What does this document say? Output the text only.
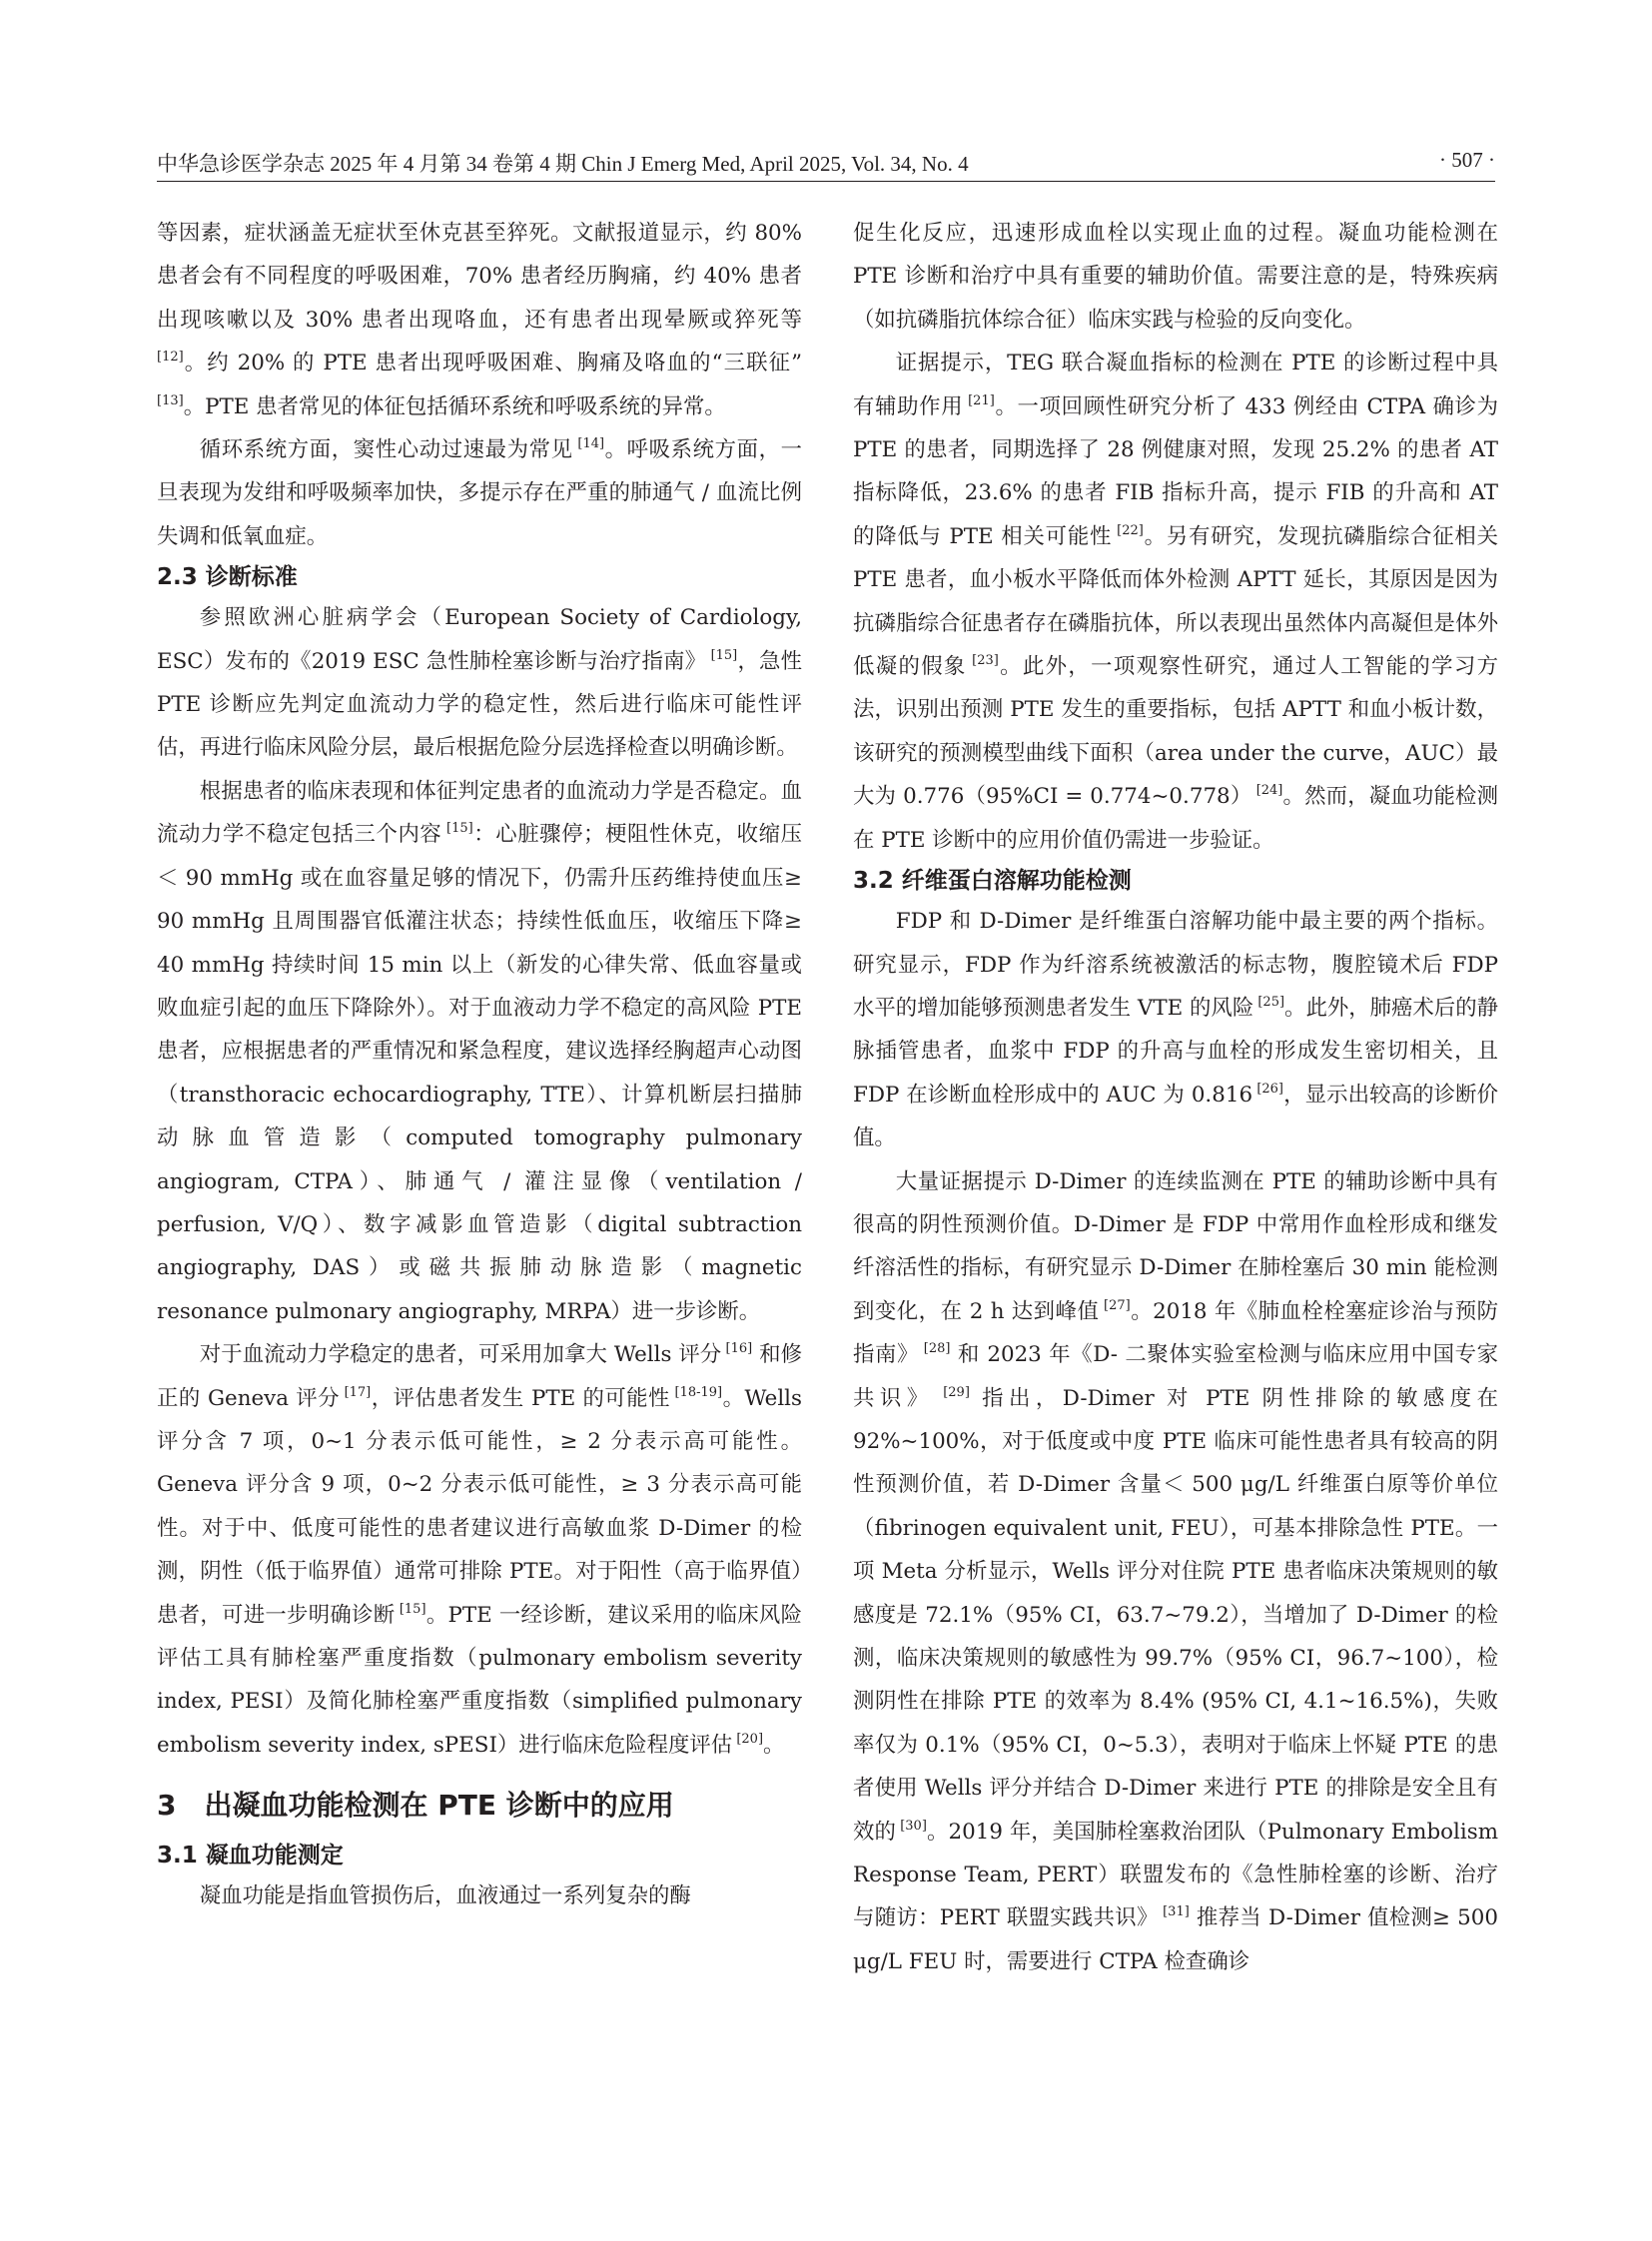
中华急诊医学杂志 2025 年 4 月第 34 卷第 4 期 Chin J Emerg Med, April 2025, Vol. 34, No. 4	· 507 ·

等因素，症状涵盖无症状至休克甚至猝死。文献报道显示，约 80% 患者会有不同程度的呼吸困难，70% 患者经历胸痛，约 40% 患者出现咳嗽以及 30% 患者出现咯血，还有患者出现晕厥或猝死等 [12]。约 20% 的 PTE 患者出现呼吸困难、胸痛及咯血的“三联征” [13]。PTE 患者常见的体征包括循环系统和呼吸系统的异常。

循环系统方面，窦性心动过速最为常见 [14]。呼吸系统方面，一旦表现为发绀和呼吸频率加快，多提示存在严重的肺通气 / 血流比例失调和低氧血症。

2.3 诊断标准

参照欧洲心脏病学会（European Society of Cardiology, ESC）发布的《2019 ESC 急性肺栓塞诊断与治疗指南》 [15]，急性 PTE 诊断应先判定血流动力学的稳定性，然后进行临床可能性评估，再进行临床风险分层，最后根据危险分层选择检查以明确诊断。

根据患者的临床表现和体征判定患者的血流动力学是否稳定。血流动力学不稳定包括三个内容 [15]：心脏骤停；梗阻性休克，收缩压＜ 90 mmHg 或在血容量足够的情况下，仍需升压药维持使血压≥ 90 mmHg 且周围器官低灌注状态；持续性低血压，收缩压下降≥ 40 mmHg 持续时间 15 min 以上（新发的心律失常、低血容量或败血症引起的血压下降除外）。对于血液动力学不稳定的高风险 PTE 患者，应根据患者的严重情况和紧急程度，建议选择经胸超声心动图（transthoracic echocardiography, TTE）、计算机断层扫描肺动脉血管造影（computed tomography pulmonary angiogram, CTPA）、肺通气 / 灌注显像（ventilation / perfusion, V/Q）、数字减影血管造影（digital subtraction angiography, DAS）或磁共振肺动脉造影（magnetic resonance pulmonary angiography, MRPA）进一步诊断。

对于血流动力学稳定的患者，可采用加拿大 Wells 评分 [16] 和修正的 Geneva 评分 [17]，评估患者发生 PTE 的可能性 [18-19]。Wells 评分含 7 项，0~1 分表示低可能性，≥ 2 分表示高可能性。Geneva 评分含 9 项，0~2 分表示低可能性，≥ 3 分表示高可能性。对于中、低度可能性的患者建议进行高敏血浆 D-Dimer 的检测，阴性（低于临界值）通常可排除 PTE。对于阳性（高于临界值）患者，可进一步明确诊断 [15]。PTE 一经诊断，建议采用的临床风险评估工具有肺栓塞严重度指数（pulmonary embolism severity index, PESI）及简化肺栓塞严重度指数（simplified pulmonary embolism severity index, sPESI）进行临床危险程度评估 [20]。

3　出凝血功能检测在 PTE 诊断中的应用
3.1 凝血功能测定

凝血功能是指血管损伤后，血液通过一系列复杂的酶

促生化反应，迅速形成血栓以实现止血的过程。凝血功能检测在 PTE 诊断和治疗中具有重要的辅助价值。需要注意的是，特殊疾病（如抗磷脂抗体综合征）临床实践与检验的反向变化。

证据提示，TEG 联合凝血指标的检测在 PTE 的诊断过程中具有辅助作用 [21]。一项回顾性研究分析了 433 例经由 CTPA 确诊为 PTE 的患者，同期选择了 28 例健康对照，发现 25.2% 的患者 AT 指标降低，23.6% 的患者 FIB 指标升高，提示 FIB 的升高和 AT 的降低与 PTE 相关可能性 [22]。另有研究，发现抗磷脂综合征相关 PTE 患者，血小板水平降低而体外检测 APTT 延长，其原因是因为抗磷脂综合征患者存在磷脂抗体，所以表现出虽然体内高凝但是体外低凝的假象 [23]。此外，一项观察性研究，通过人工智能的学习方法，识别出预测 PTE 发生的重要指标，包括 APTT 和血小板计数，该研究的预测模型曲线下面积（area under the curve，AUC）最大为 0.776（95%CI = 0.774~0.778） [24]。然而，凝血功能检测在 PTE 诊断中的应用价值仍需进一步验证。

3.2 纤维蛋白溶解功能检测

FDP 和 D-Dimer 是纤维蛋白溶解功能中最主要的两个指标。研究显示，FDP 作为纤溶系统被激活的标志物，腹腔镜术后 FDP 水平的增加能够预测患者发生 VTE 的风险 [25]。此外，肺癌术后的静脉插管患者，血浆中 FDP 的升高与血栓的形成发生密切相关，且 FDP 在诊断血栓形成中的 AUC 为 0.816 [26]，显示出较高的诊断价值。

大量证据提示 D-Dimer 的连续监测在 PTE 的辅助诊断中具有很高的阴性预测价值。D-Dimer 是 FDP 中常用作血栓形成和继发纤溶活性的指标，有研究显示 D-Dimer 在肺栓塞后 30 min 能检测到变化，在 2 h 达到峰值 [27]。2018 年《肺血栓栓塞症诊治与预防指南》 [28] 和 2023 年《D- 二聚体实验室检测与临床应用中国专家共识》 [29] 指出，D-Dimer 对 PTE 阴性排除的敏感度在 92%~100%，对于低度或中度 PTE 临床可能性患者具有较高的阴性预测价值，若 D-Dimer 含量＜ 500 μg/L 纤维蛋白原等价单位（fibrinogen equivalent unit, FEU），可基本排除急性 PTE。一项 Meta 分析显示，Wells 评分对住院 PTE 患者临床决策规则的敏感度是 72.1%（95% CI，63.7~79.2），当增加了 D-Dimer 的检测，临床决策规则的敏感性为 99.7%（95% CI，96.7~100），检测阴性在排除 PTE 的效率为 8.4% (95% CI, 4.1~16.5%)，失败率仅为 0.1%（95% CI，0~5.3），表明对于临床上怀疑 PTE 的患者使用 Wells 评分并结合 D-Dimer 来进行 PTE 的排除是安全且有效的 [30]。2019 年，美国肺栓塞救治团队（Pulmonary Embolism Response Team, PERT）联盟发布的《急性肺栓塞的诊断、治疗与随访：PERT 联盟实践共识》 [31] 推荐当 D-Dimer 值检测≥ 500 μg/L FEU 时，需要进行 CTPA 检查确诊
